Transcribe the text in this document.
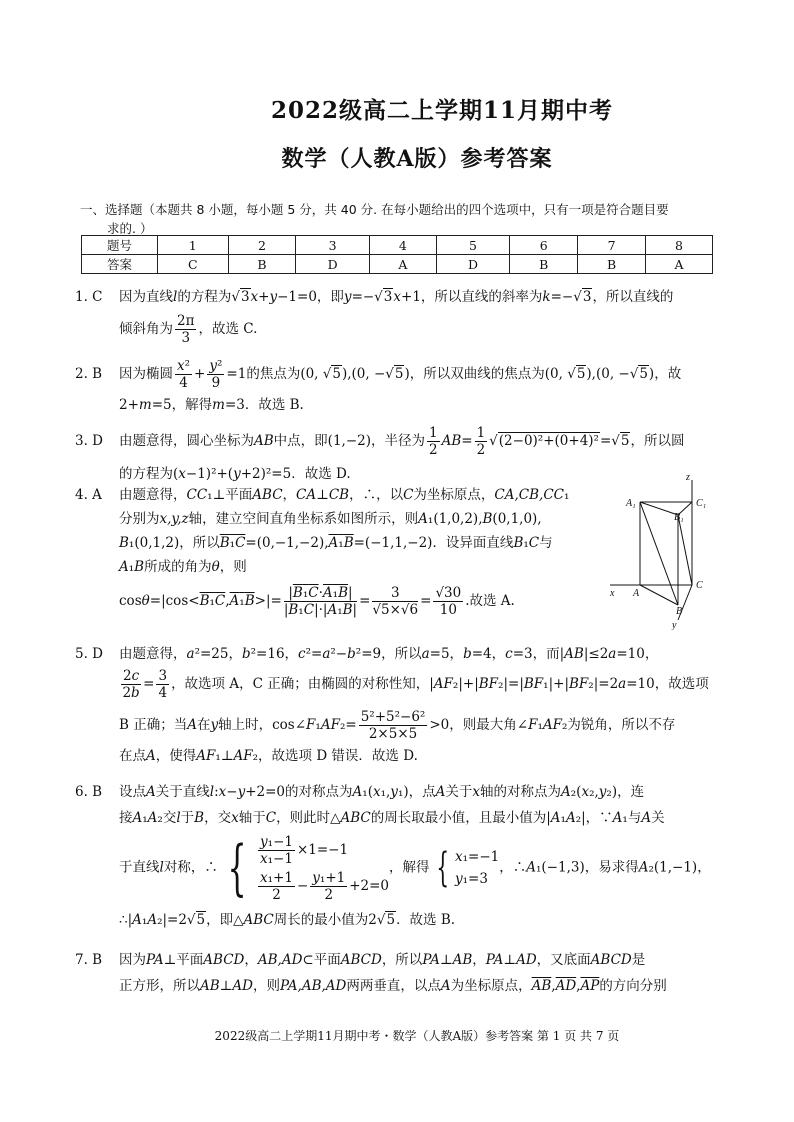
2022级高二上学期11月期中考
数学（人教A版）参考答案
一、选择题（本题共 8 小题，每小题 5 分，共 40 分. 在每小题给出的四个选项中，只有一项是符合题目要
求的. ）
题号	1	2	3	4	5	6	7	8
答案	C	B	D	A	D	B	B	A
1. C 因为直线l的方程为√3x+y−1=0，即y=−√3x+1，所以直线的斜率为k=−√3，所以直线的
倾斜角为 $\frac{2\pi}{3}$ ，故选 C.
2. B 因为椭圆 $\frac{\text{x²}}{4} + \frac{\text{y²}}{9} =1$的焦点为(0, √5),(0, −√5)，所以双曲线的焦点为(0, √5),(0, −√5)，故
2+m=5，解得m=3．故选 B.
3. D 由题意得，圆心坐标为AB中点，即(1,−2)，半径为 $\frac{1}{2} AB= \frac{1}{2} √(2-0)^2+(0+4)^2=√5$，所以圆
的方程为(x−1)²+(y+2)²=5．故选 D.
4. A 由题意得，CC₁⊥平面ABC，CA⊥CB，∴，以C为坐标原点，CA,CB,CC₁
分别为x,y,z轴，建立空间直角坐标系如图所示，则A₁(1,0,2),B(0,1,0),
B₁(0,1,2)，所以B₁C=(0,−1,−2),A₁B=(−1,1,−2)．设异面直线B₁C与
A₁B所成的角为θ，则
$\cos\theta=|\cos<B_1C,A_1B>|= \frac{\text{|B₁C·A₁B|}}{\text{|B₁C|·|A₁B|}} = \frac{3}{√5\times√6} = \frac{√30}{10}$ .故选 A.
z
A₁	C₁
B₁
x A
C
B
y
5. D 由题意得，a²=25，b²=16，c²=a²−b²=9，所以a=5，b=4，c=3，而|AB|≤2a=10，
$\frac{2c}{2b} = \frac{3}{4}$ ，故选项 A，C 正确；由椭圆的对称性知，|AF₂|+|BF₂|=|BF₁|+|BF₂|=2a=10，故选项
B 正确；当A在y轴上时，cos∠F₁AF₂= $\frac{\text{5²+5²−6²}}{2\times 5\times 5} >0$，则最大角∠F₁AF₂为锐角，所以不存
在点A，使得AF₁⊥AF₂，故选项 D 错误．故选 D.
6. B 设点A关于直线l:x−y+2=0的对称点为A₁(x₁,y₁)，点A关于x轴的对称点为A₂(x₂,y₂)，连
接A₁A₂交l于B，交x轴于C，则此时△ABC的周长取最小值，且最小值为|A₁A₂|，∵A₁与A关
于直线l对称，∴ { $\frac{\text{y₁−1}}{\text{x₁−1}} \times 1=-1$
$\frac{\text{x₁+1}}{2} - \frac{\text{y₁+1}}{2} +2=0$
，解得 { x₁=−1
y₁=3
，∴A₁(−1,3)，易求得A₂(1,−1)，
∴|A₁A₂|=2√5，即△ABC周长的最小值为2√5．故选 B.
7. B 因为PA⊥平面ABCD，AB,AD⊂平面ABCD，所以PA⊥AB，PA⊥AD，又底面ABCD是
正方形，所以AB⊥AD，则PA,AB,AD两两垂直，以点A为坐标原点，$\overline{AB},\overline{AD},\overline{AP}$的方向分别
2022级高二上学期11月期中考・数学（人教A版）参考答案 第 1 页 共 7 页
